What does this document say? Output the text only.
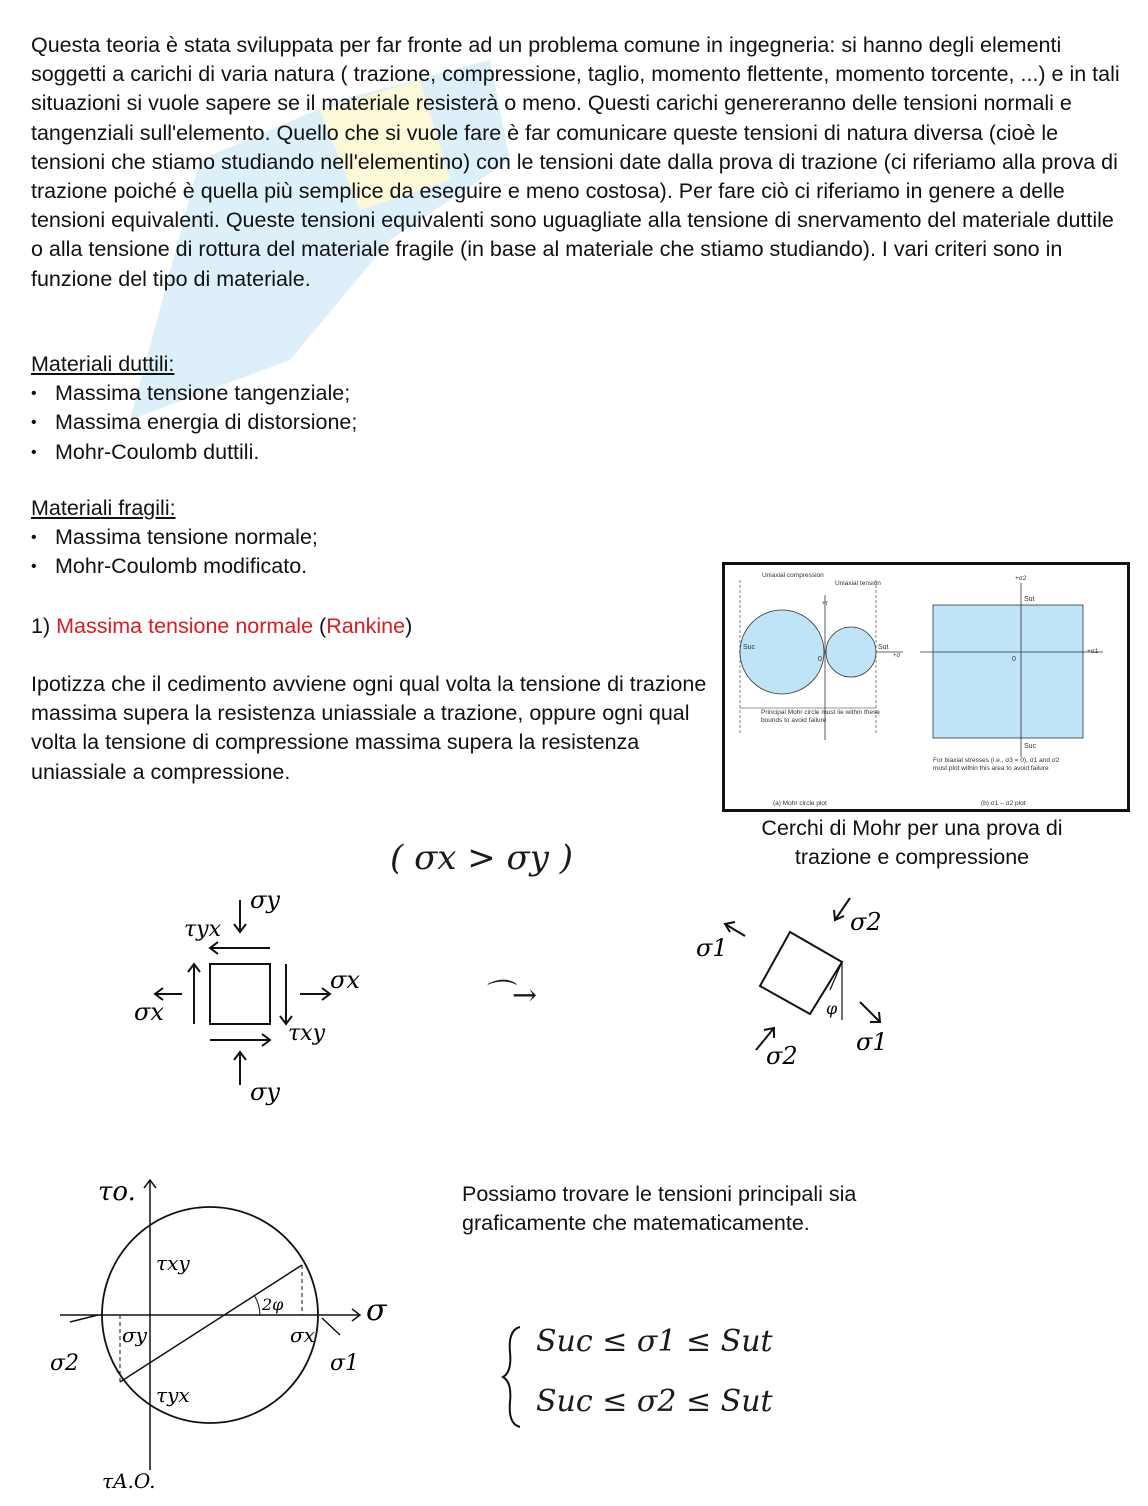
Questa teoria è stata sviluppata per far fronte ad un problema comune in ingegneria: si hanno degli elementi soggetti a carichi di varia natura ( trazione, compressione, taglio, momento flettente, momento torcente, ...) e in tali situazioni si vuole sapere se il materiale resisterà o meno. Questi carichi genereranno delle tensioni normali e tangenziali sull'elemento. Quello che si vuole fare è far comunicare queste tensioni di natura diversa (cioè le tensioni che stiamo studiando nell'elementino) con le tensioni date dalla prova di trazione (ci riferiamo alla prova di trazione poiché è quella più semplice da eseguire e meno costosa). Per fare ciò ci riferiamo in genere a delle tensioni equivalenti. Queste tensioni equivalenti sono uguagliate alla tensione di snervamento del materiale duttile o alla tensione di rottura del materiale fragile (in base al materiale che stiamo studiando). I vari criteri sono in funzione del tipo di materiale.

Materiali duttili:
• Massima tensione tangenziale;
• Massima energia di distorsione;
• Mohr-Coulomb duttili.
Materiali fragili:
• Massima tensione normale;
• Mohr-Coulomb modificato.
1) Massima tensione normale (Rankine)
Ipotizza che il cedimento avviene ogni qual volta la tensione di trazione massima supera la resistenza uniassiale a trazione, oppure ogni qual volta la tensione di compressione massima supera la resistenza uniassiale a compressione.
Uniaxial compression
Uniaxial tension
+τ
+σ
Suc	Sut
0
Principal Mohr circle must lie within these bounds to avoid failure
(a) Mohr circle plot
+σ2
+σ1
Sut
Suc
0
For biaxial stresses (i.e., σ3 = 0), σ1 and σ2 must plot within this area to avoid failure
(b) σ1 – σ2 plot
Cerchi di Mohr per una prova di trazione e compressione
( σx > σy )
σy
τyx
σx
σx
τxy
σy
⌒→
σ2
σ1
σ1
σ2
φ
τo.
σ
τxy
τyx
2φ
σx
σy
σ1
σ2
τA.O.
Possiamo trovare le tensioni principali sia graficamente che matematicamente.
Suc ≤ σ1 ≤ Sut
Suc ≤ σ2 ≤ Sut
